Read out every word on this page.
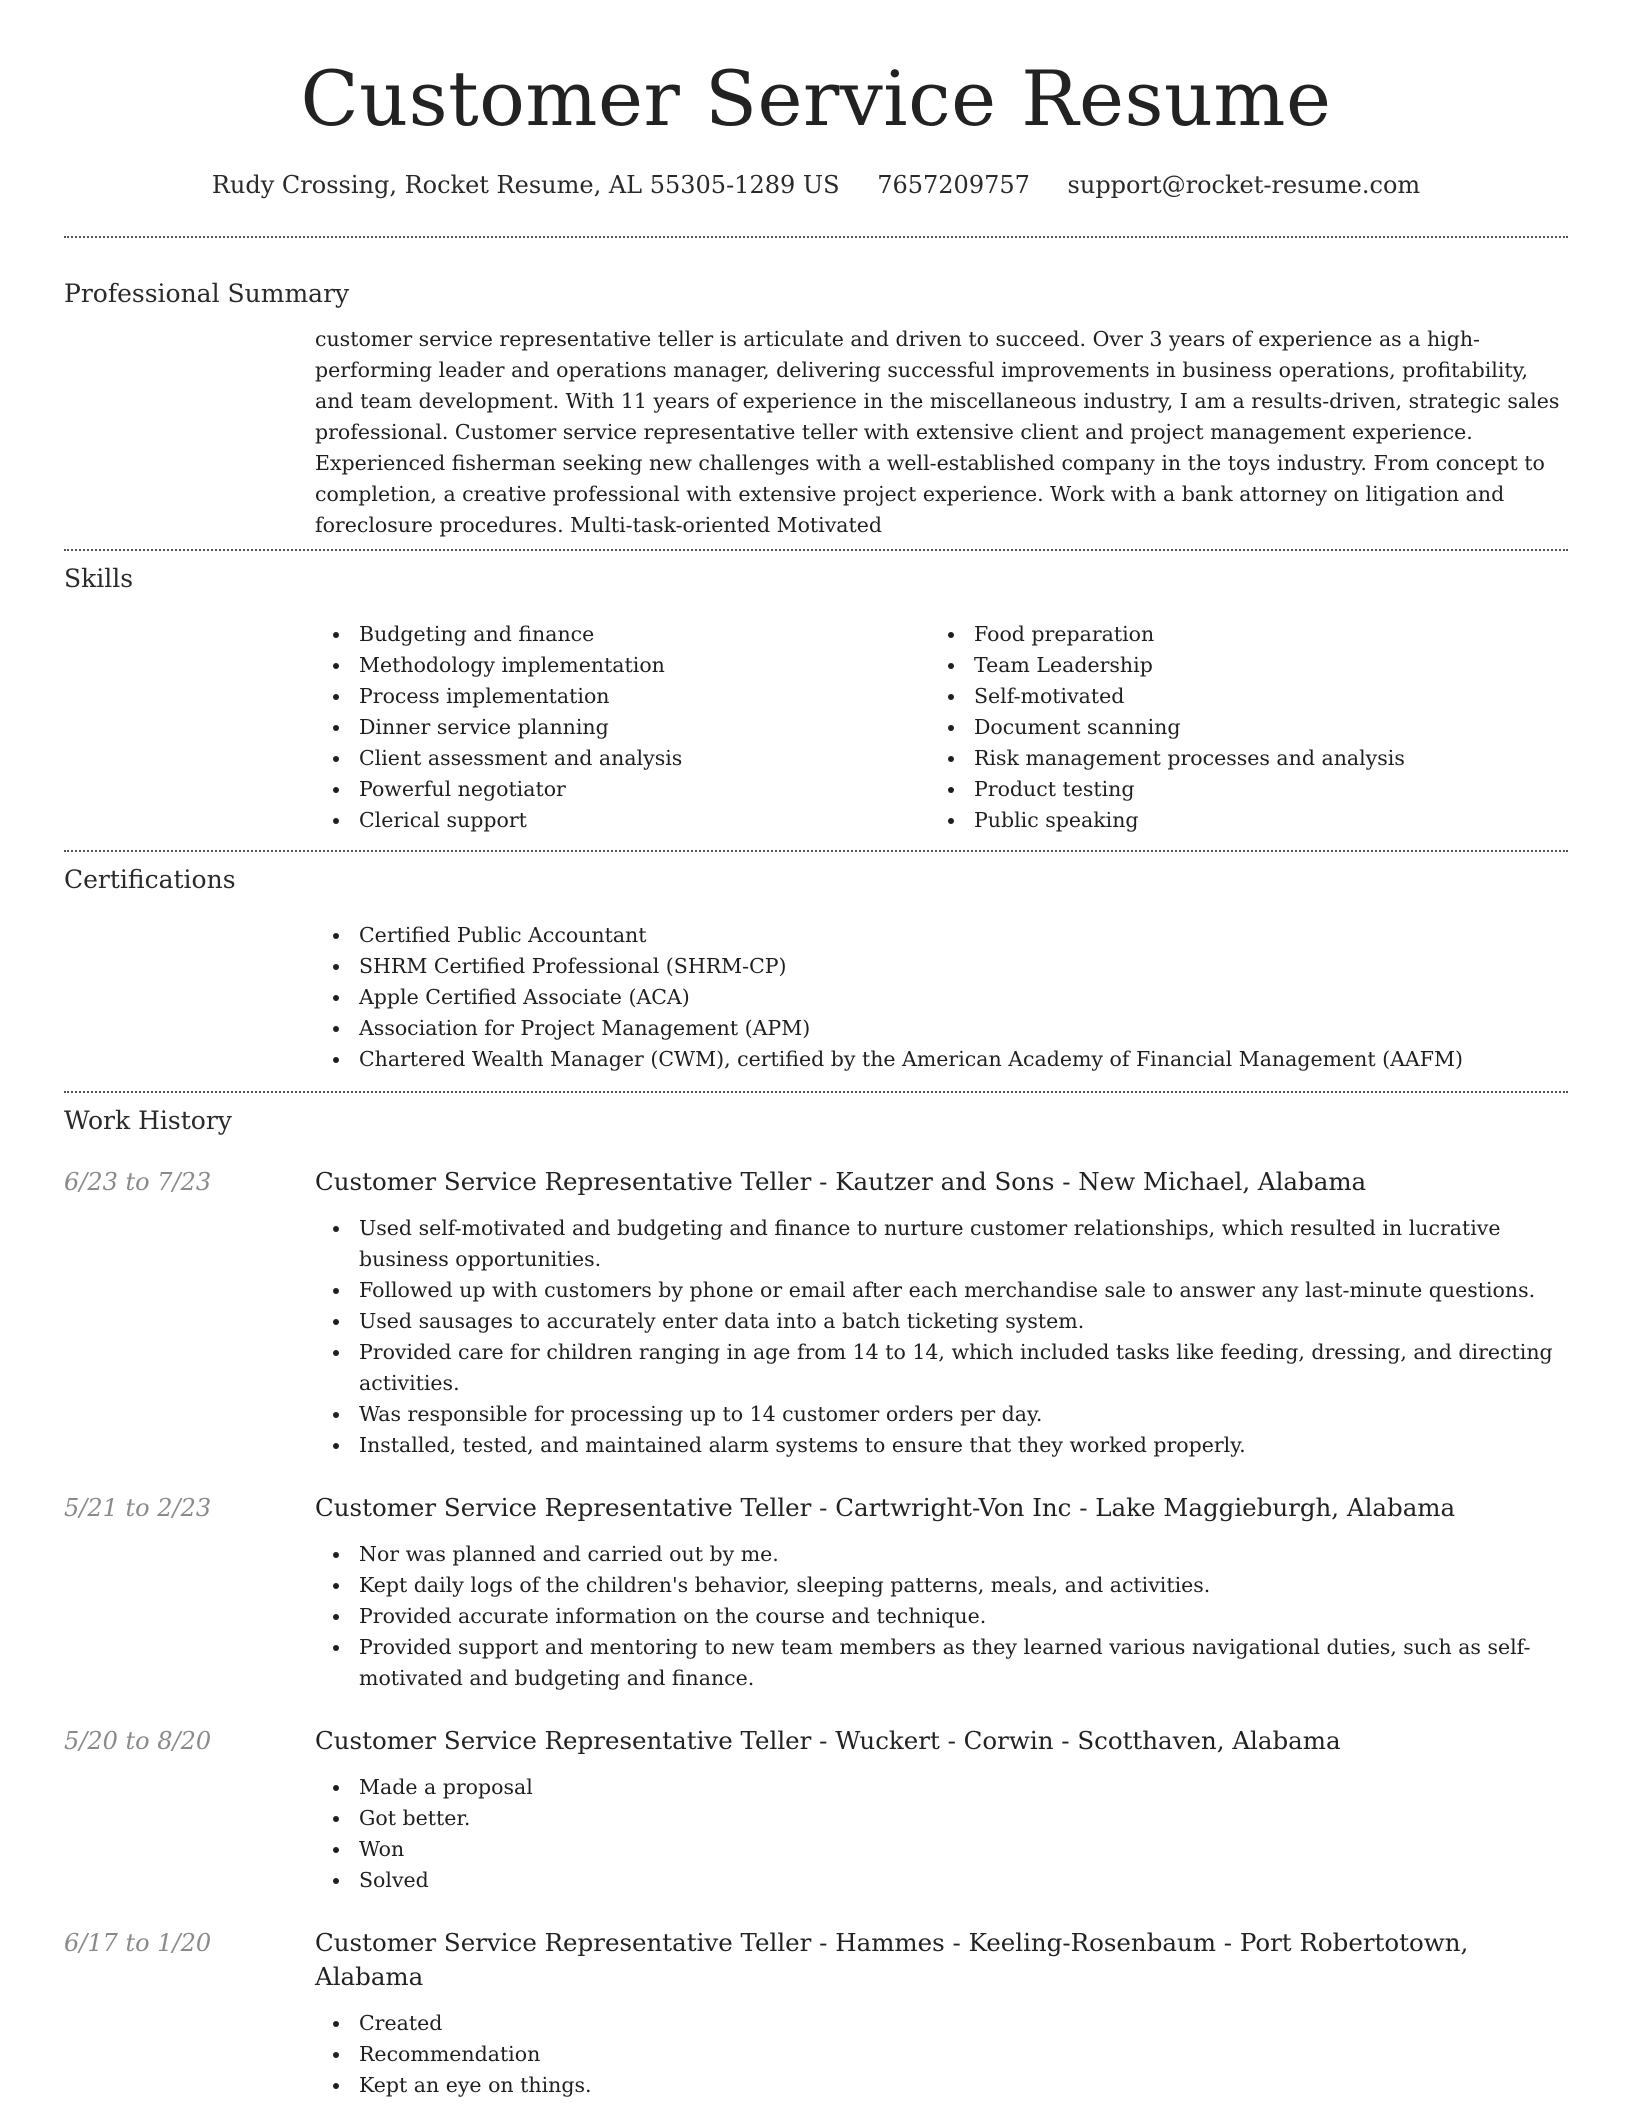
Customer Service Resume
Rudy Crossing, Rocket Resume, AL 55305-1289 US 7657209757 support@rocket-resume.com
Professional Summary

customer service representative teller is articulate and driven to succeed. Over 3 years of experience as a high-performing leader and operations manager, delivering successful improvements in business operations, profitability, and team development. With 11 years of experience in the miscellaneous industry, I am a results-driven, strategic sales professional. Customer service representative teller with extensive client and project management experience. Experienced fisherman seeking new challenges with a well-established company in the toys industry. From concept to completion, a creative professional with extensive project experience. Work with a bank attorney on litigation and foreclosure procedures. Multi-task-oriented Motivated

Skills
Budgeting and finance
Methodology implementation
Process implementation
Dinner service planning
Client assessment and analysis
Powerful negotiator
Clerical support
Food preparation
Team Leadership
Self-motivated
Document scanning
Risk management processes and analysis
Product testing
Public speaking
Certifications
Certified Public Accountant
SHRM Certified Professional (SHRM-CP)
Apple Certified Associate (ACA)
Association for Project Management (APM)
Chartered Wealth Manager (CWM), certified by the American Academy of Financial Management (AAFM)
Work History
6/23 to 7/23	Customer Service Representative Teller - Kautzer and Sons - New Michael, Alabama
Used self-motivated and budgeting and finance to nurture customer relationships, which resulted in lucrative business opportunities.
Followed up with customers by phone or email after each merchandise sale to answer any last-minute questions.
Used sausages to accurately enter data into a batch ticketing system.
Provided care for children ranging in age from 14 to 14, which included tasks like feeding, dressing, and directing activities.
Was responsible for processing up to 14 customer orders per day.
Installed, tested, and maintained alarm systems to ensure that they worked properly.
5/21 to 2/23	Customer Service Representative Teller - Cartwright-Von Inc - Lake Maggieburgh, Alabama
Nor was planned and carried out by me.
Kept daily logs of the children's behavior, sleeping patterns, meals, and activities.
Provided accurate information on the course and technique.
Provided support and mentoring to new team members as they learned various navigational duties, such as self-motivated and budgeting and finance.
5/20 to 8/20	Customer Service Representative Teller - Wuckert - Corwin - Scotthaven, Alabama
Made a proposal
Got better.
Won
Solved
6/17 to 1/20	Customer Service Representative Teller - Hammes - Keeling-Rosenbaum - Port Robertotown, Alabama
Created
Recommendation
Kept an eye on things.
